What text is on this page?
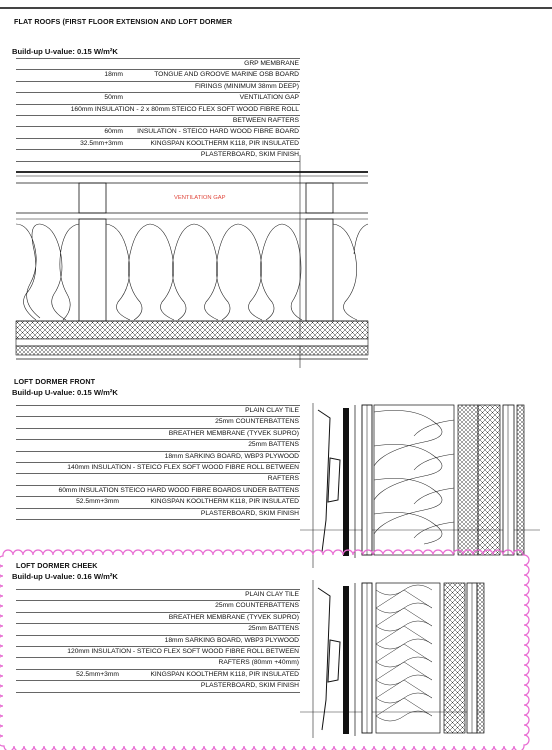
FLAT ROOFS (FIRST FLOOR EXTENSION AND LOFT DORMER
Build-up U-value: 0.15 W/m²K
GRP MEMBRANE
18mm	TONGUE AND GROOVE MARINE OSB BOARD
FIRINGS (MINIMUM 38mm DEEP)
50mm	VENTILATION GAP
160mm INSULATION - 2 x 80mm STEICO FLEX SOFT WOOD FIBRE ROLL
BETWEEN RAFTERS
60mm INSULATION - STEICO HARD WOOD FIBRE BOARD
32.5mm+3mm	KINGSPAN KOOLTHERM K118, PIR INSULATED
PLASTERBOARD, SKIM FINISH
VENTILATION GAP
LOFT DORMER FRONT
Build-up U-value: 0.15 W/m²K
PLAIN CLAY TILE
25mm COUNTERBATTENS
BREATHER MEMBRANE (TYVEK SUPRO)
25mm BATTENS
18mm SARKING BOARD, WBP3 PLYWOOD
140mm INSULATION - STEICO FLEX SOFT WOOD FIBRE ROLL BETWEEN
RAFTERS
60mm INSULATION STEICO HARD WOOD FIBRE BOARDS UNDER BATTENS
52.5mm+3mm	KINGSPAN KOOLTHERM K118, PIR INSULATED
PLASTERBOARD, SKIM FINISH
LOFT DORMER CHEEK
Build-up U-value: 0.16 W/m²K
PLAIN CLAY TILE
25mm COUNTERBATTENS
BREATHER MEMBRANE (TYVEK SUPRO)
25mm BATTENS
18mm SARKING BOARD, WBP3 PLYWOOD
120mm INSULATION - STEICO FLEX SOFT WOOD FIBRE ROLL BETWEEN
RAFTERS (80mm +40mm)
52.5mm+3mm	KINGSPAN KOOLTHERM K118, PIR INSULATED
PLASTERBOARD, SKIM FINISH
